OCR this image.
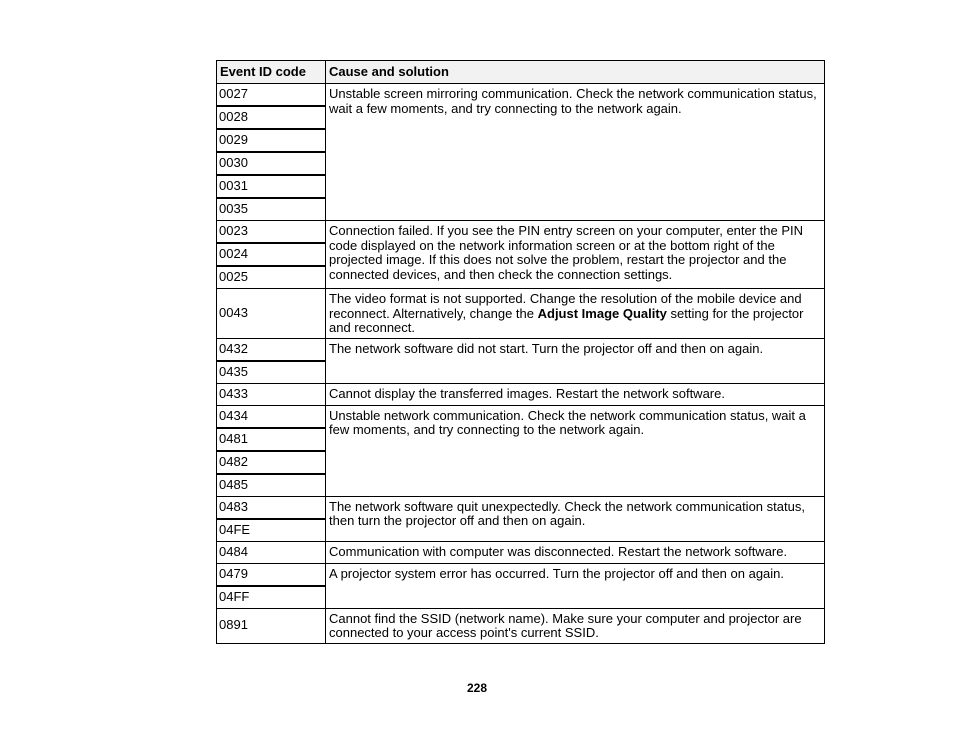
Event ID code	Cause and solution
0027	Unstable screen mirroring communication. Check the network communication status, wait a few moments, and try connecting to the network again.
0028	
0029	
0030	
0031	
0035	
0023	Connection failed. If you see the PIN entry screen on your computer, enter the PIN code displayed on the network information screen or at the bottom right of the projected image. If this does not solve the problem, restart the projector and the connected devices, and then check the connection settings.
0024	
0025	
0043	The video format is not supported. Change the resolution of the mobile device and reconnect. Alternatively, change the Adjust Image Quality setting for the projector and reconnect.
0432	The network software did not start. Turn the projector off and then on again.
0435	
0433	Cannot display the transferred images. Restart the network software.
0434	Unstable network communication. Check the network communication status, wait a few moments, and try connecting to the network again.
0481	
0482	
0485	
0483	The network software quit unexpectedly. Check the network communication status, then turn the projector off and then on again.
04FE	
0484	Communication with computer was disconnected. Restart the network software.
0479	A projector system error has occurred. Turn the projector off and then on again.
04FF	
0891	Cannot find the SSID (network name). Make sure your computer and projector are connected to your access point's current SSID.
228
